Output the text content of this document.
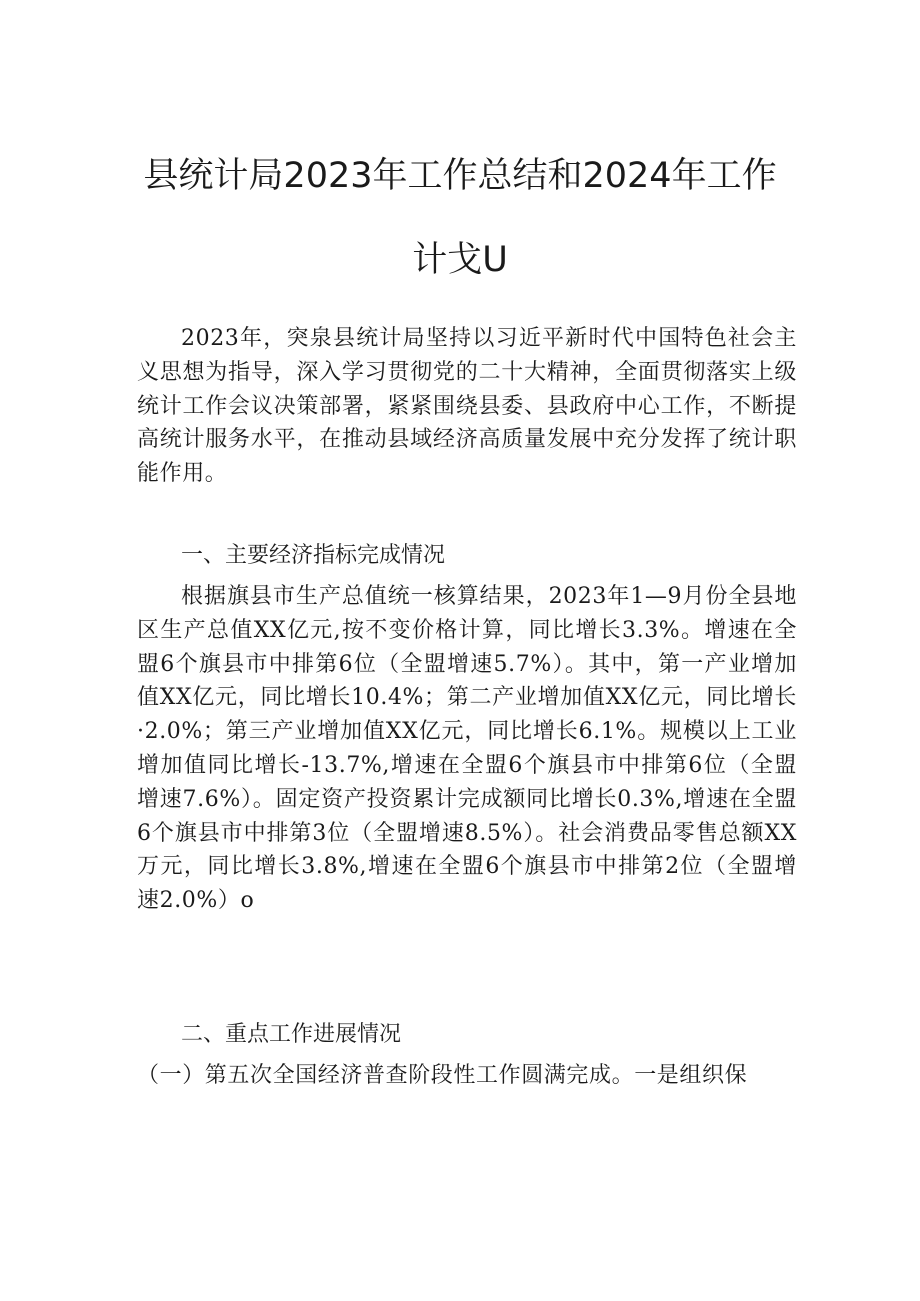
县统计局2023年工作总结和2024年工作
计戈U

2023年，突泉县统计局坚持以习近平新时代中国特色社会主义思想为指导，深入学习贯彻党的二十大精神，全面贯彻落实上级统计工作会议决策部署，紧紧围绕县委、县政府中心工作，不断提高统计服务水平，在推动县域经济高质量发展中充分发挥了统计职能作用。

一、主要经济指标完成情况

根据旗县市生产总值统一核算结果，2023年1—9月份全县地区生产总值XX亿元,按不变价格计算，同比增长3.3%。增速在全盟6个旗县市中排第6位（全盟增速5.7%）。其中，第一产业增加值XX亿元，同比增长10.4%；第二产业增加值XX亿元，同比增长·2.0%；第三产业增加值XX亿元，同比增长6.1%。规模以上工业增加值同比增长-13.7%,增速在全盟6个旗县市中排第6位（全盟增速7.6%）。固定资产投资累计完成额同比增长0.3%,增速在全盟6个旗县市中排第3位（全盟增速8.5%）。社会消费品零售总额XX万元，同比增长3.8%,增速在全盟6个旗县市中排第2位（全盟增速2.0%）o

二、重点工作进展情况

（一）第五次全国经济普查阶段性工作圆满完成。一是组织保
